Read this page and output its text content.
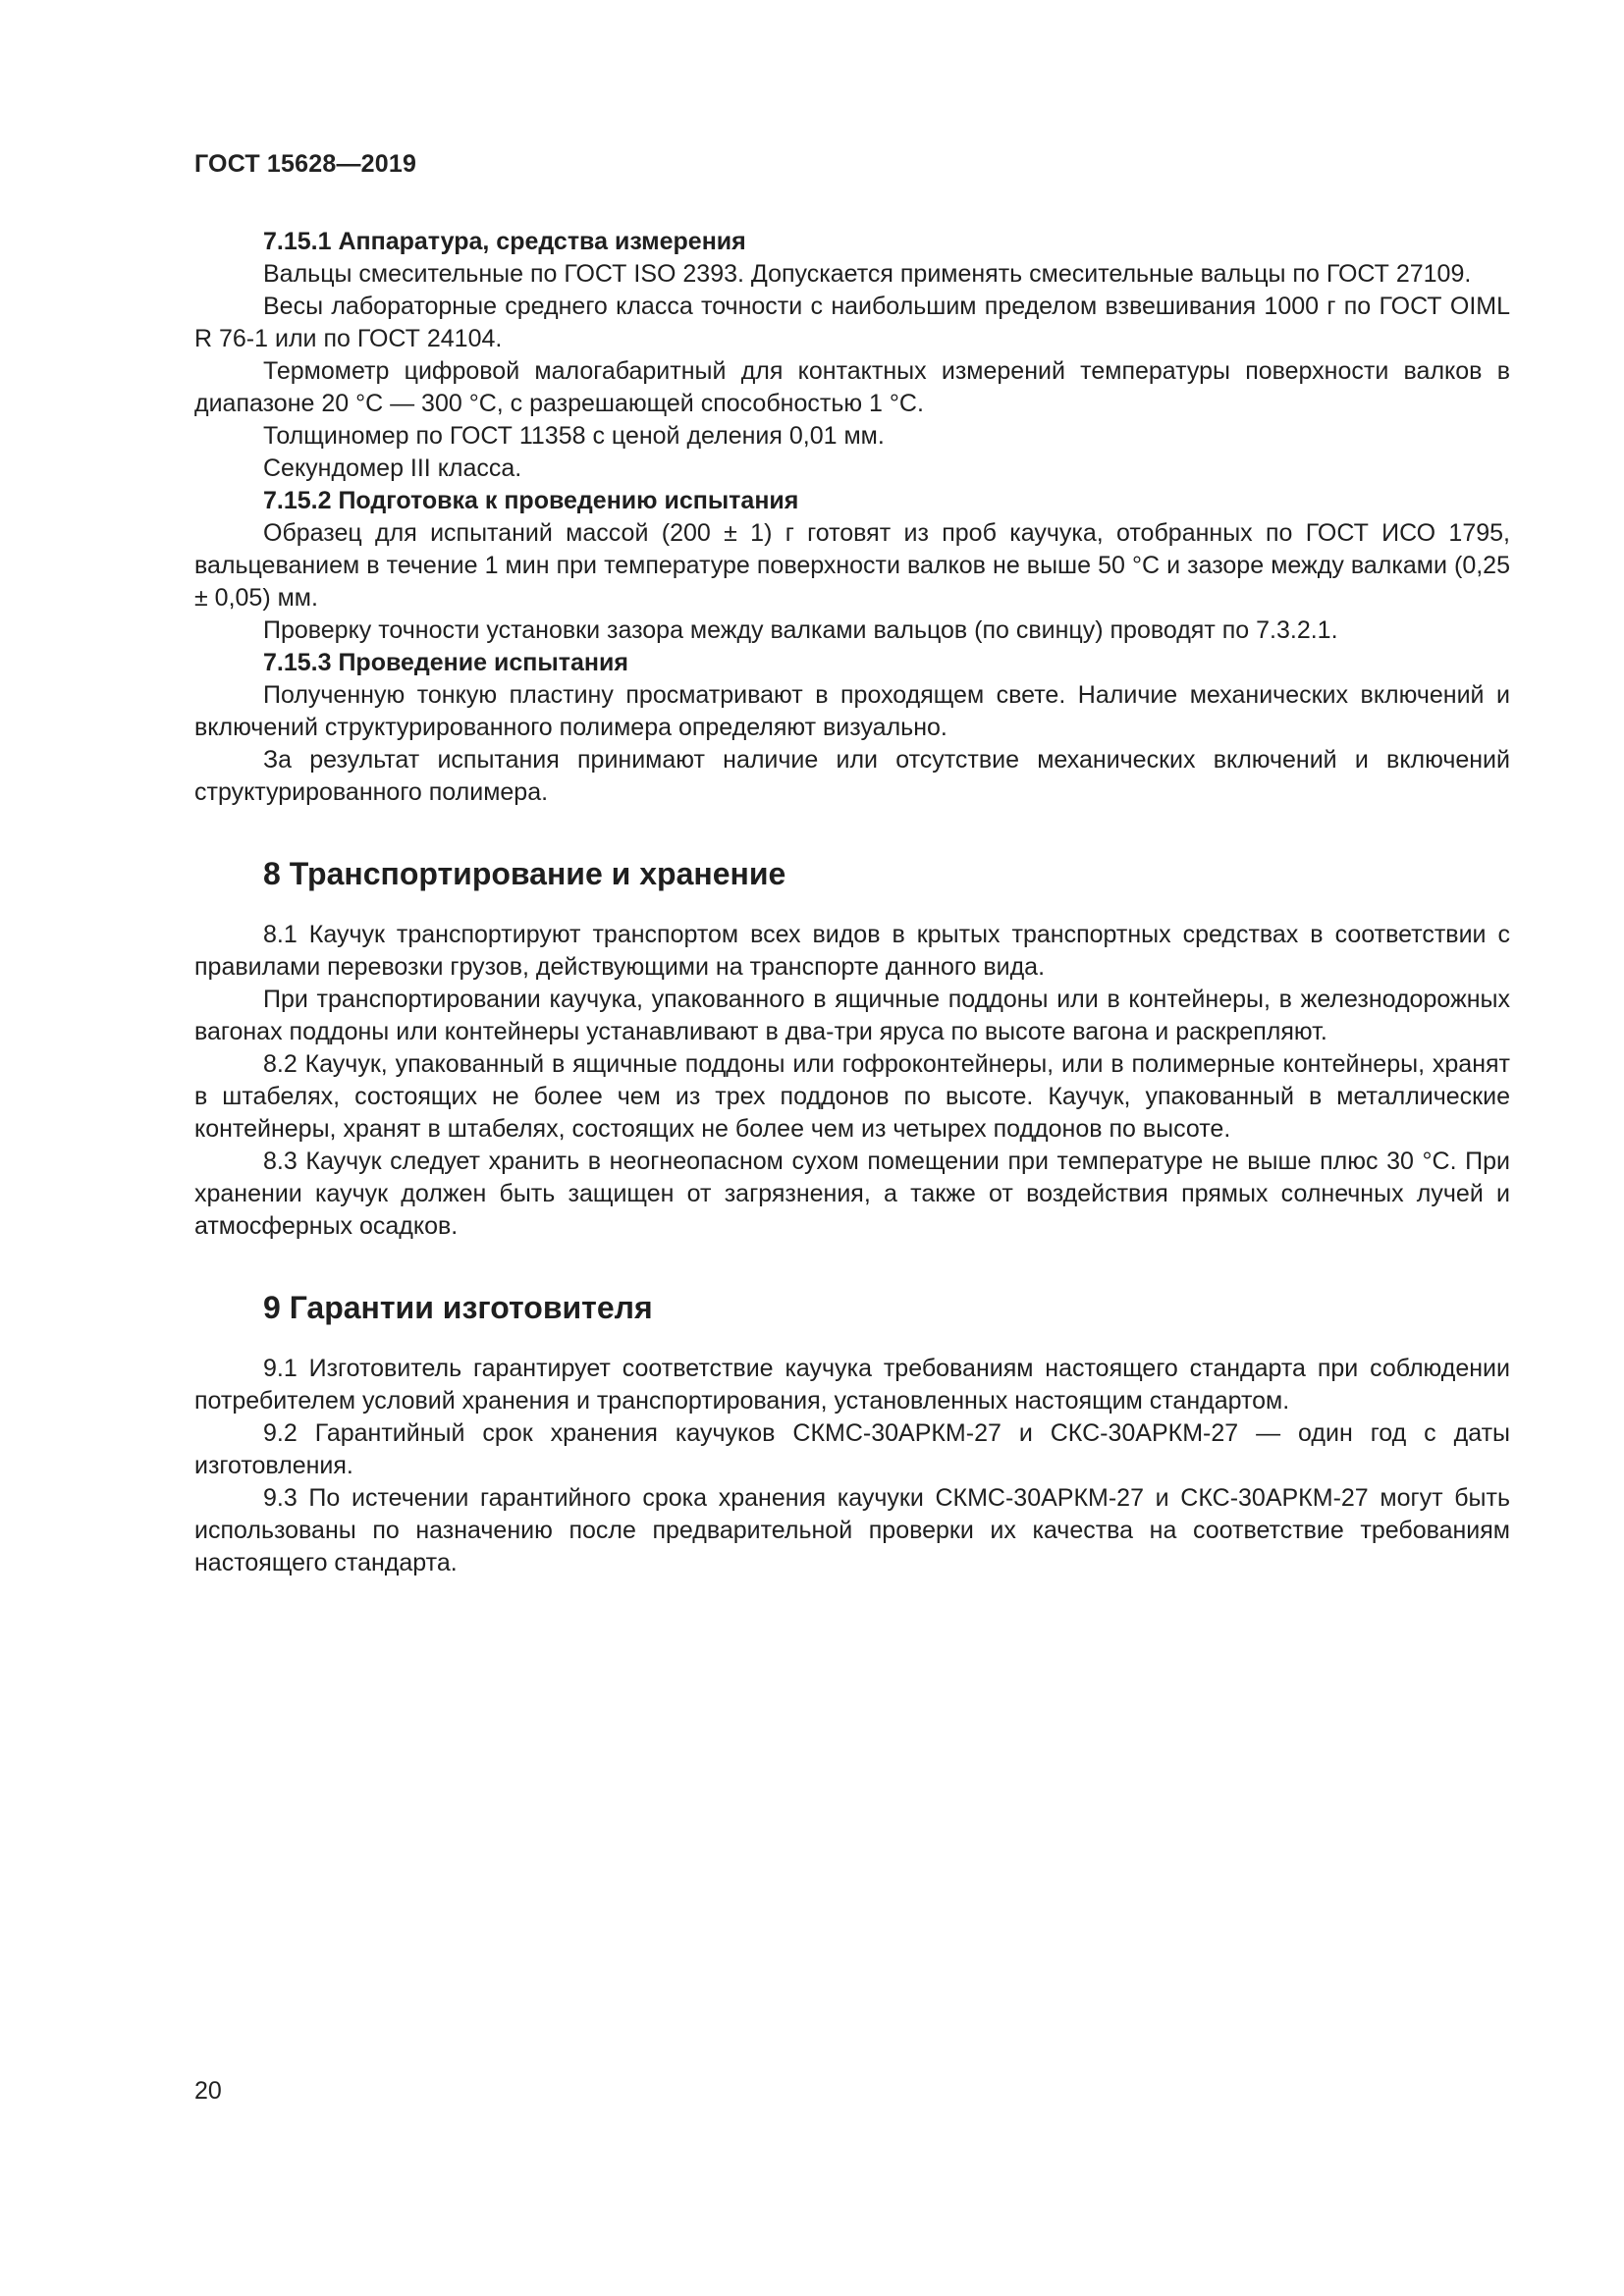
ГОСТ 15628—2019

7.15.1 Аппаратура, средства измерения

Вальцы смесительные по ГОСТ ISO 2393. Допускается применять смесительные вальцы по ГОСТ 27109.

Весы лабораторные среднего класса точности с наибольшим пределом взвешивания 1000 г по ГОСТ OIML R 76-1 или по ГОСТ 24104.

Термометр цифровой малогабаритный для контактных измерений температуры поверхности валков в диапазоне 20 °С — 300 °С, с разрешающей способностью 1 °С.

Толщиномер по ГОСТ 11358 с ценой деления 0,01 мм.

Секундомер III класса.

7.15.2 Подготовка к проведению испытания

Образец для испытаний массой (200 ± 1) г готовят из проб каучука, отобранных по ГОСТ ИСО 1795, вальцеванием в течение 1 мин при температуре поверхности валков не выше 50 °С и зазоре между валками (0,25 ± 0,05) мм.

Проверку точности установки зазора между валками вальцов (по свинцу) проводят по 7.3.2.1.

7.15.3 Проведение испытания

Полученную тонкую пластину просматривают в проходящем свете. Наличие механических включений и включений структурированного полимера определяют визуально.

За результат испытания принимают наличие или отсутствие механических включений и включений структурированного полимера.

8 Транспортирование и хранение

8.1 Каучук транспортируют транспортом всех видов в крытых транспортных средствах в соответствии с правилами перевозки грузов, действующими на транспорте данного вида.

При транспортировании каучука, упакованного в ящичные поддоны или в контейнеры, в железнодорожных вагонах поддоны или контейнеры устанавливают в два-три яруса по высоте вагона и раскрепляют.

8.2 Каучук, упакованный в ящичные поддоны или гофроконтейнеры, или в полимерные контейнеры, хранят в штабелях, состоящих не более чем из трех поддонов по высоте. Каучук, упакованный в металлические контейнеры, хранят в штабелях, состоящих не более чем из четырех поддонов по высоте.

8.3 Каучук следует хранить в неогнеопасном сухом помещении при температуре не выше плюс 30 °С. При хранении каучук должен быть защищен от загрязнения, а также от воздействия прямых солнечных лучей и атмосферных осадков.

9 Гарантии изготовителя

9.1 Изготовитель гарантирует соответствие каучука требованиям настоящего стандарта при соблюдении потребителем условий хранения и транспортирования, установленных настоящим стандартом.

9.2 Гарантийный срок хранения каучуков СКМС-30АРКМ-27 и СКС-30АРКМ-27 — один год с даты изготовления.

9.3 По истечении гарантийного срока хранения каучуки СКМС-30АРКМ-27 и СКС-30АРКМ-27 могут быть использованы по назначению после предварительной проверки их качества на соответствие требованиям настоящего стандарта.

20
